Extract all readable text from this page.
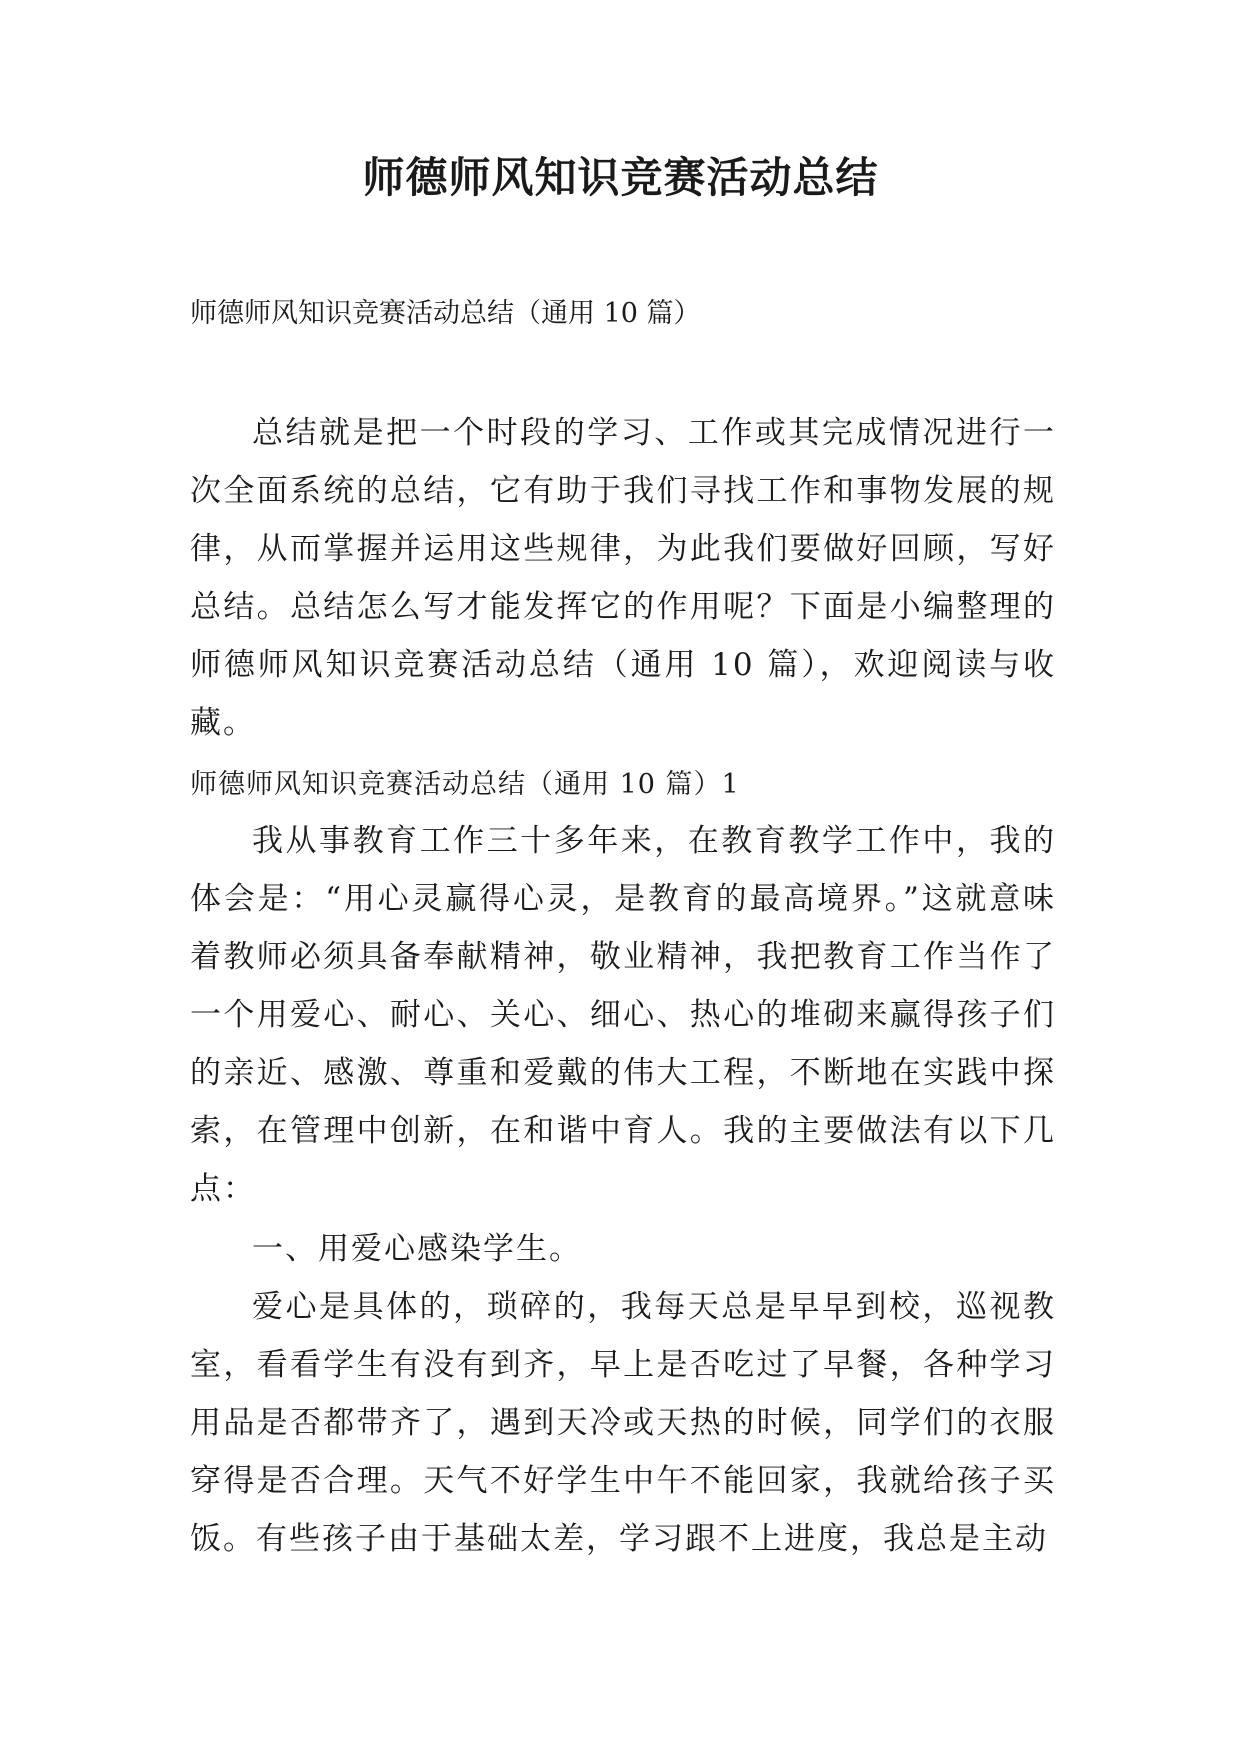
师德师风知识竞赛活动总结

师德师风知识竞赛活动总结（通用 10 篇）

总结就是把一个时段的学习、工作或其完成情况进行一次全面系统的总结，它有助于我们寻找工作和事物发展的规律，从而掌握并运用这些规律，为此我们要做好回顾，写好总结。总结怎么写才能发挥它的作用呢？下面是小编整理的师德师风知识竞赛活动总结（通用 10 篇），欢迎阅读与收藏。

师德师风知识竞赛活动总结（通用 10 篇）1

我从事教育工作三十多年来，在教育教学工作中，我的体会是：“用心灵赢得心灵，是教育的最高境界。”这就意味着教师必须具备奉献精神，敬业精神，我把教育工作当作了一个用爱心、耐心、关心、细心、热心的堆砌来赢得孩子们的亲近、感激、尊重和爱戴的伟大工程，不断地在实践中探索，在管理中创新，在和谐中育人。我的主要做法有以下几点：

一、用爱心感染学生。

爱心是具体的，琐碎的，我每天总是早早到校，巡视教室，看看学生有没有到齐，早上是否吃过了早餐，各种学习用品是否都带齐了，遇到天冷或天热的时候，同学们的衣服穿得是否合理。天气不好学生中午不能回家，我就给孩子买饭。有些孩子由于基础太差，学习跟不上进度，我总是主动
